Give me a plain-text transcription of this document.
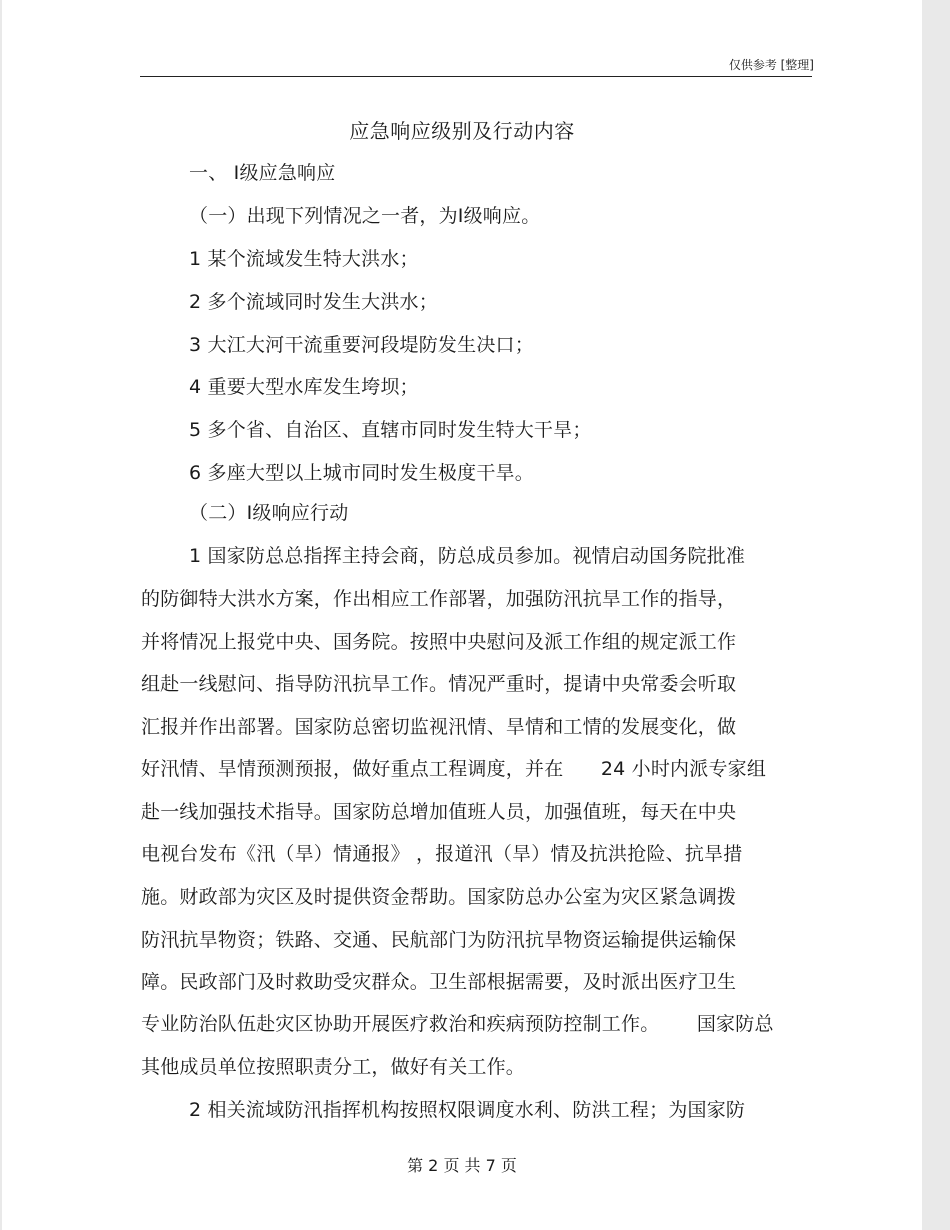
仅供参考 [整理]
应急响应级别及行动内容
一、 Ⅰ级应急响应
（一）出现下列情况之一者，为Ⅰ级响应。
1 某个流域发生特大洪水；
2 多个流域同时发生大洪水；
3 大江大河干流重要河段堤防发生决口；
4 重要大型水库发生垮坝；
5 多个省、自治区、直辖市同时发生特大干旱；
6 多座大型以上城市同时发生极度干旱。
（二）Ⅰ级响应行动
1 国家防总总指挥主持会商，防总成员参加。视情启动国务院批准
的防御特大洪水方案，作出相应工作部署，加强防汛抗旱工作的指导，
并将情况上报党中央、国务院。按照中央慰问及派工作组的规定派工作
组赴一线慰问、指导防汛抗旱工作。情况严重时，提请中央常委会听取
汇报并作出部署。国家防总密切监视汛情、旱情和工情的发展变化，做
好汛情、旱情预测预报，做好重点工程调度，并在      24 小时内派专家组
赴一线加强技术指导。国家防总增加值班人员，加强值班，每天在中央
电视台发布《汛（旱）情通报》 ，报道汛（旱）情及抗洪抢险、抗旱措
施。财政部为灾区及时提供资金帮助。国家防总办公室为灾区紧急调拨
防汛抗旱物资；铁路、交通、民航部门为防汛抗旱物资运输提供运输保
障。民政部门及时救助受灾群众。卫生部根据需要，及时派出医疗卫生
专业防治队伍赴灾区协助开展医疗救治和疾病预防控制工作。      国家防总
其他成员单位按照职责分工，做好有关工作。
2 相关流域防汛指挥机构按照权限调度水利、防洪工程；为国家防
第 2 页 共 7 页
